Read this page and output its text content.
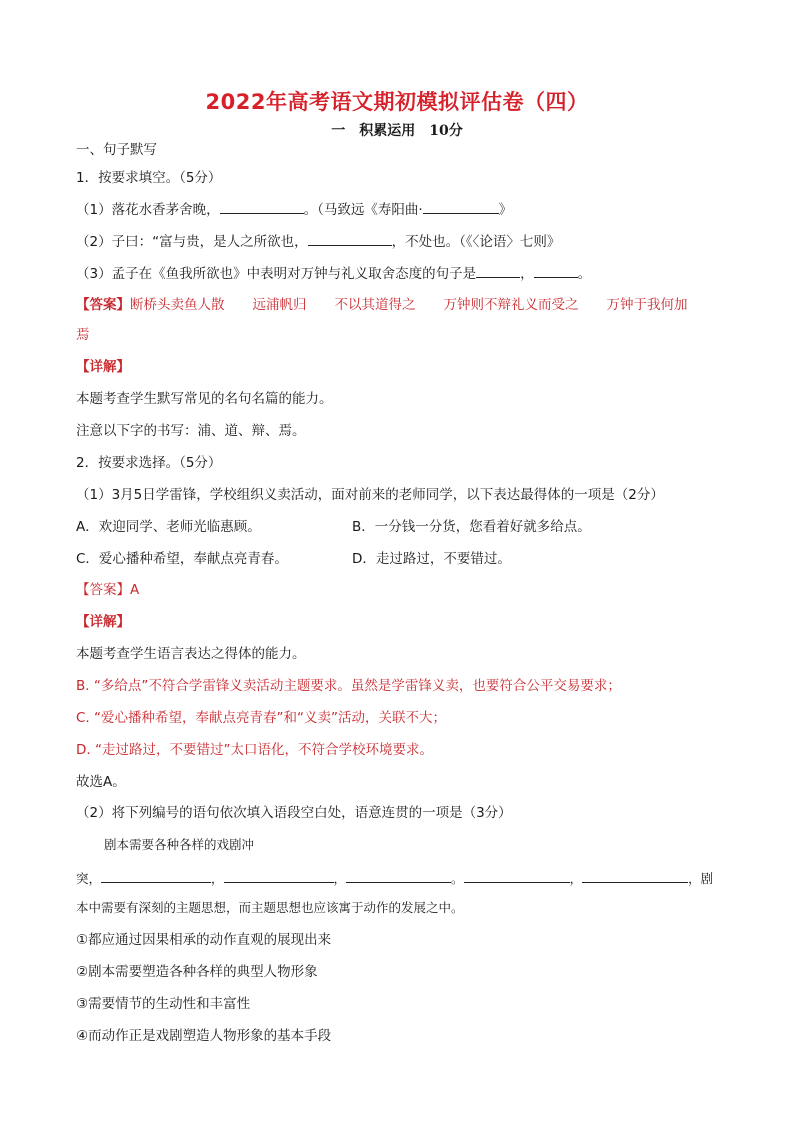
2022年高考语文期初模拟评估卷（四）
一　积累运用　10分
一、句子默写
1．按要求填空。（5分）
（1）落花水香茅舍晚，	。（马致远《寿阳曲·	》
（2）子曰：“富与贵，是人之所欲也，	，不处也。（《〈论语〉七则》
（3）孟子在《鱼我所欲也》中表明对万钟与礼义取舍态度的句子是	，	。
【答案】断桥头卖鱼人散 远浦帆归 不以其道得之 万钟则不辩礼义而受之 万钟于我何加
焉
【详解】
本题考查学生默写常见的名句名篇的能力。
注意以下字的书写：浦、道、辩、焉。
2．按要求选择。（5分）
（1）3月5日学雷锋，学校组织义卖活动，面对前来的老师同学，以下表达最得体的一项是（2分）
A．欢迎同学、老师光临惠顾。	B．一分钱一分货，您看着好就多给点。
C．爱心播种希望，奉献点亮青春。	D．走过路过，不要错过。
【答案】A
【详解】
本题考查学生语言表达之得体的能力。
B. “多给点”不符合学雷锋义卖活动主题要求。虽然是学雷锋义卖，也要符合公平交易要求；
C. “爱心播种希望，奉献点亮青春”和“义卖”活动，关联不大；
D. “走过路过，不要错过”太口语化，不符合学校环境要求。
故选A。
（2）将下列编号的语句依次填入语段空白处，语意连贯的一项是（3分）
剧本需要各种各样的戏剧冲
突，	，	，	。	，	，剧
本中需要有深刻的主题思想，而主题思想也应该寓于动作的发展之中。
①都应通过因果相承的动作直观的展现出来
②剧本需要塑造各种各样的典型人物形象
③需要情节的生动性和丰富性
④而动作正是戏剧塑造人物形象的基本手段
